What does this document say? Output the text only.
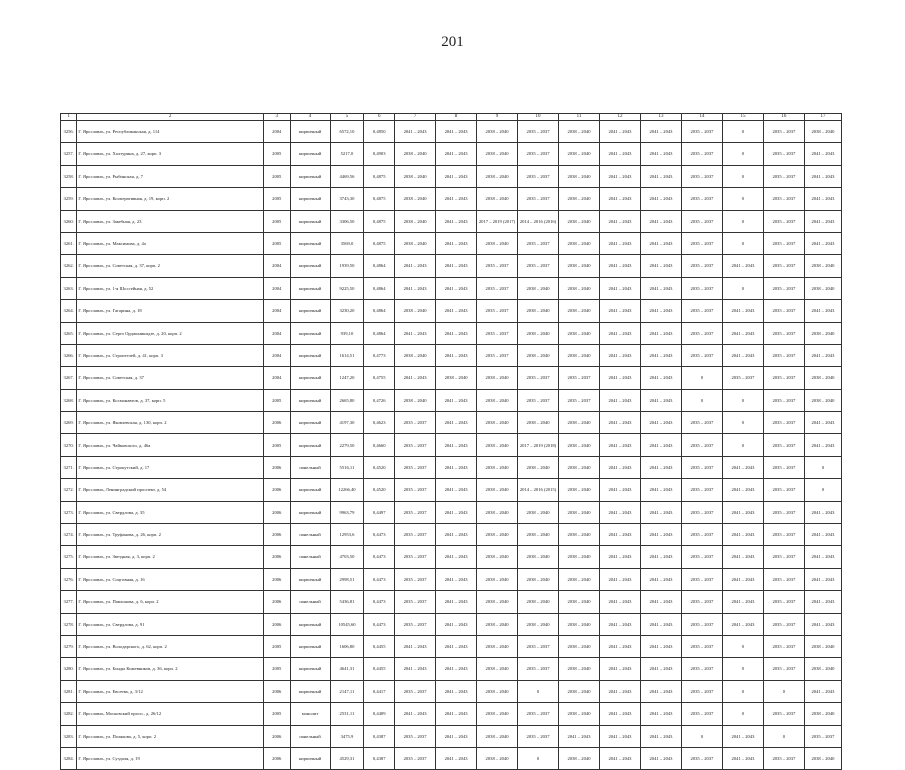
201
1	2	3	4	5	6	7	8	9	10	11	12	13	14	15	16	17
3256.	Г. Ярославль, ул. Республиканская, д. 114	2004	кирпичный	6572,10	0,4850	2041 – 2043	2041 – 2043	2038 – 2040	2035 – 2037	2038 – 2040	2041 – 2043	2041 – 2043	2035 – 2037	0	2035 – 2037	2038 – 2040
3257.	Г. Ярославль, ул. Халтурина, д. 27, корп. 3	2005	кирпичный	5217,0	0,4903	2038 – 2040	2041 – 2043	2038 – 2040	2035 – 2037	2038 – 2040	2041 – 2043	2041 – 2043	2035 – 2037	0	2035 – 2037	2041 – 2043
3258.	Г. Ярославль, ул. Рыбинская, д. 7	2005	кирпичный	4469,56	0,4875	2038 – 2040	2041 – 2043	2038 – 2040	2035 – 2037	2038 – 2040	2041 – 2043	2041 – 2043	2035 – 2037	0	2035 – 2037	2041 – 2043
3259.	Г. Ярославль, ул. Кооперативная, д. 19, корп. 2	2005	кирпичный	3743,30	0,4875	2038 – 2040	2041 – 2043	2038 – 2040	2035 – 2037	2038 – 2040	2041 – 2043	2041 – 2043	2035 – 2037	0	2035 – 2037	2041 – 2043
3260.	Г. Ярославль, ул. Закебная, д. 23	2005	кирпичный	3306,50	0,4875	2038 – 2040	2041 – 2043	2017 – 2019 (2017)	2014 – 2016 (2016)	2038 – 2040	2041 – 2043	2041 – 2043	2035 – 2037	0	2035 – 2037	2041 – 2043
3261.	Г. Ярославль, ул. Максимова, д. 4а	2005	кирпичный	3569,0	0,4875	2038 – 2040	2041 – 2043	2038 – 2040	2035 – 2037	2038 – 2040	2041 – 2043	2041 – 2043	2035 – 2037	0	2035 – 2037	2041 – 2043
3262.	Г. Ярославль, ул. Советская, д. 37, корп. 2	2004	кирпичный	1939,50	0,4864	2041 – 2043	2041 – 2043	2035 – 2037	2035 – 2037	2038 – 2040	2041 – 2043	2041 – 2043	2035 – 2037	2041 – 2043	2035 – 2037	2038 – 2040
3263.	Г. Ярославль, ул. 1-я Шоссейная, д. 52	2004	кирпичный	9225,50	0,4864	2041 – 2043	2041 – 2043	2035 – 2037	2038 – 2040	2038 – 2040	2041 – 2043	2041 – 2043	2035 – 2037	0	2035 – 2037	2038 – 2040
3264.	Г. Ярославль, ул. Гагарина, д. 18	2004	кирпичный	3230,20	0,4864	2038 – 2040	2041 – 2043	2035 – 2037	2038 – 2040	2038 – 2040	2041 – 2043	2041 – 2043	2035 – 2037	2041 – 2043	2035 – 2037	2041 – 2043
3265.	Г. Ярославль, ул. Серго Орджоникидзе, д. 20, корп. 2	2004	кирпичный	939,10	0,4864	2041 – 2043	2041 – 2043	2035 – 2037	2038 – 2040	2038 – 2040	2041 – 2043	2041 – 2043	2035 – 2037	2041 – 2043	2035 – 2037	2038 – 2040
3266.	Г. Ярославль, ул. Строителей, д. 41, корп. 3	2004	кирпичный	1614,51	0,4773	2038 – 2040	2041 – 2043	2035 – 2037	2038 – 2040	2038 – 2040	2041 – 2043	2041 – 2043	2035 – 2037	2041 – 2043	2035 – 2037	2041 – 2043
3267.	Г. Ярославль, ул. Советская, д. 37	2004	кирпичный	1247,20	0,4755	2041 – 2043	2038 – 2040	2038 – 2040	2035 – 2037	2035 – 2037	2041 – 2043	2041 – 2043	0	2035 – 2037	2035 – 2037	2038 – 2040
3268.	Г. Ярославль, ул. Космонавтов, д. 37, корп. 5	2005	кирпичный	2665,80	0,4726	2038 – 2040	2041 – 2043	2038 – 2040	2035 – 2037	2035 – 2037	2041 – 2043	2041 – 2043	0	0	2035 – 2037	2038 – 2040
3269.	Г. Ярославль, ул. Яковлевская, д. 130, корп. 2	2006	кирпичный	4197,30	0,4623	2035 – 2037	2041 – 2043	2038 – 2040	2038 – 2040	2038 – 2040	2041 – 2043	2041 – 2043	2035 – 2037	0	2035 – 2037	2041 – 2043
3270.	Г. Ярославль, ул. Чайковского, д. 46а	2005	кирпичный	2279,50	0,4660	2035 – 2037	2041 – 2043	2038 – 2040	2017 – 2019 (2018)	2038 – 2040	2041 – 2043	2041 – 2043	2035 – 2037	0	2035 – 2037	2041 – 2043
3271.	Г. Ярославль, ул. Строкутский, д. 17	2006	панельный	5516,11	0,4520	2035 – 2037	2041 – 2043	2038 – 2040	2038 – 2040	2038 – 2040	2041 – 2043	2041 – 2043	2035 – 2037	2041 – 2043	2035 – 2037	0
3272.	Г. Ярославль, Ленинградский проспект, д. 54	2006	кирпичный	12266,40	0,4520	2035 – 2037	2041 – 2043	2038 – 2040	2014 – 2016 (2015)	2038 – 2040	2041 – 2043	2041 – 2043	2035 – 2037	2041 – 2043	2035 – 2037	0
3273.	Г. Ярославль, ул. Свердлова, д. 35	2006	кирпичный	9963,79	0,4497	2035 – 2037	2041 – 2043	2038 – 2040	2038 – 2040	2038 – 2040	2041 – 2043	2041 – 2043	2035 – 2037	2041 – 2043	2035 – 2037	2041 – 2043
3274.	Г. Ярославль, ул. Труфанова, д. 26, корп. 2	2006	панельный	12953,6	0,4473	2035 – 2037	2041 – 2043	2038 – 2040	2038 – 2040	2038 – 2040	2041 – 2043	2041 – 2043	2035 – 2037	2041 – 2043	2035 – 2037	2041 – 2043
3275.	Г. Ярославль, ул. Звездная, д. 3, корп. 2	2006	панельный	4703,50	0,4473	2035 – 2037	2041 – 2043	2038 – 2040	2038 – 2040	2038 – 2040	2041 – 2043	2041 – 2043	2035 – 2037	2041 – 2043	2035 – 2037	2041 – 2043
3276.	Г. Ярославль, ул. Соцговная, д. 16	2006	кирпичный	2998,51	0,4473	2035 – 2037	2041 – 2043	2038 – 2040	2038 – 2040	2038 – 2040	2041 – 2043	2041 – 2043	2035 – 2037	2041 – 2043	2035 – 2037	2041 – 2043
3277.	Г. Ярославль, ул. Павлонова, д. 6, корп. 2	2006	панельный	5436,81	0,4473	2035 – 2037	2041 – 2043	2038 – 2040	2038 – 2040	2038 – 2040	2041 – 2043	2041 – 2043	2035 – 2037	2041 – 2043	2035 – 2037	2041 – 2043
3278.	Г. Ярославль, ул. Свердлова, д. 91	2006	кирпичный	10545,60	0,4473	2035 – 2037	2041 – 2043	2038 – 2040	2038 – 2040	2038 – 2040	2041 – 2043	2041 – 2043	2035 – 2037	2041 – 2043	2035 – 2037	2041 – 2043
3279.	Г. Ярославль, ул. Володарского, д. 62, корп. 2	2005	кирпичный	1606,80	0,4455	2041 – 2043	2041 – 2043	2038 – 2040	2035 – 2037	2038 – 2040	2041 – 2043	2041 – 2043	2035 – 2037	0	2035 – 2037	2038 – 2040
3280.	Г. Ярославль, ул. Бонды Кожевников, д. 36, корп. 2	2005	кирпичный	4641,31	0,4455	2041 – 2043	2041 – 2043	2038 – 2040	2035 – 2037	2038 – 2040	2041 – 2043	2041 – 2043	2035 – 2037	0	2035 – 2037	2038 – 2040
3281.	Г. Ярославль, ул. Евсеева, д. 3/12	2006	кирпичный	2147,11	0,4417	2035 – 2037	2041 – 2043	2038 – 2040	0	2038 – 2040	2041 – 2043	2041 – 2043	2035 – 2037	0	0	2041 – 2043
3282.	Г. Ярославль, Московский просп., д. 26/12	2005	монолит	2531,11	0,4409	2041 – 2043	2041 – 2043	2038 – 2040	2035 – 2037	2038 – 2040	2041 – 2043	2041 – 2043	2035 – 2037	0	2035 – 2037	2038 – 2040
3283.	Г. Ярославль, ул. Полякова, д. 5, корп. 2	2006	панельный	3475,9	0,4387	2035 – 2037	2041 – 2043	2038 – 2040	2035 – 2037	2041 – 2043	2041 – 2043	2041 – 2043	0	2041 – 2043	0	2035 – 2037
3284.	Г. Ярославль, ул. Суздаля, д. 19	2006	кирпичный	4529,31	0,4387	2035 – 2037	2041 – 2043	2038 – 2040	0	2038 – 2040	2041 – 2043	2041 – 2043	2035 – 2037	2041 – 2043	2035 – 2037	2038 – 2040
